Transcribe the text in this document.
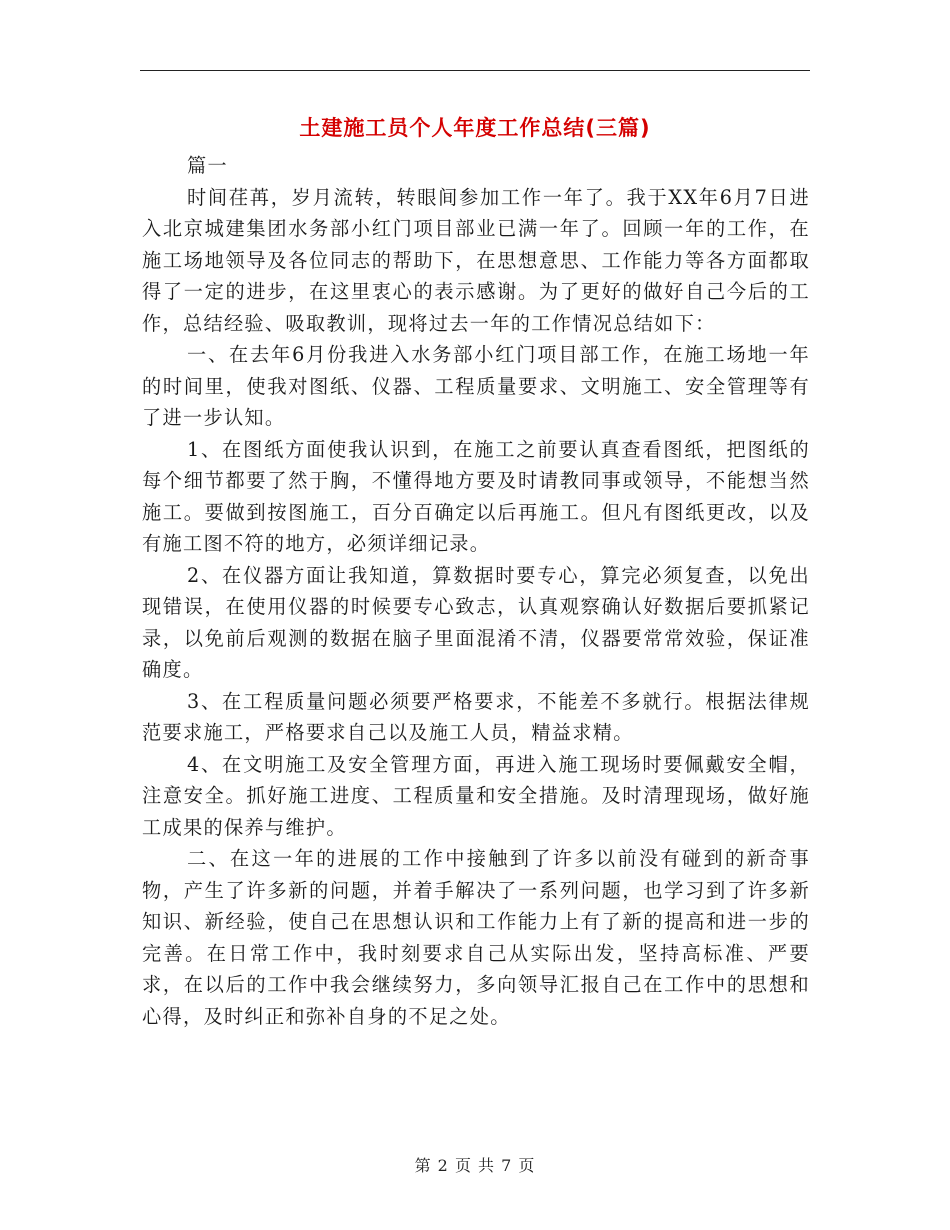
土建施工员个人年度工作总结(三篇)

篇一

时间荏苒，岁月流转，转眼间参加工作一年了。我于XX年6月7日进入北京城建集团水务部小红门项目部业已满一年了。回顾一年的工作，在施工场地领导及各位同志的帮助下，在思想意思、工作能力等各方面都取得了一定的进步，在这里衷心的表示感谢。为了更好的做好自己今后的工作，总结经验、吸取教训，现将过去一年的工作情况总结如下：

一、在去年6月份我进入水务部小红门项目部工作，在施工场地一年的时间里，使我对图纸、仪器、工程质量要求、文明施工、安全管理等有了进一步认知。

1、在图纸方面使我认识到，在施工之前要认真查看图纸，把图纸的每个细节都要了然于胸，不懂得地方要及时请教同事或领导，不能想当然施工。要做到按图施工，百分百确定以后再施工。但凡有图纸更改，以及有施工图不符的地方，必须详细记录。

2、在仪器方面让我知道，算数据时要专心，算完必须复查，以免出现错误，在使用仪器的时候要专心致志，认真观察确认好数据后要抓紧记录，以免前后观测的数据在脑子里面混淆不清，仪器要常常效验，保证准确度。

3、在工程质量问题必须要严格要求，不能差不多就行。根据法律规范要求施工，严格要求自己以及施工人员，精益求精。

4、在文明施工及安全管理方面，再进入施工现场时要佩戴安全帽，注意安全。抓好施工进度、工程质量和安全措施。及时清理现场，做好施工成果的保养与维护。

二、在这一年的进展的工作中接触到了许多以前没有碰到的新奇事物，产生了许多新的问题，并着手解决了一系列问题，也学习到了许多新知识、新经验，使自己在思想认识和工作能力上有了新的提高和进一步的完善。在日常工作中，我时刻要求自己从实际出发，坚持高标准、严要求，在以后的工作中我会继续努力，多向领导汇报自己在工作中的思想和心得，及时纠正和弥补自身的不足之处。

第 2 页 共 7 页
